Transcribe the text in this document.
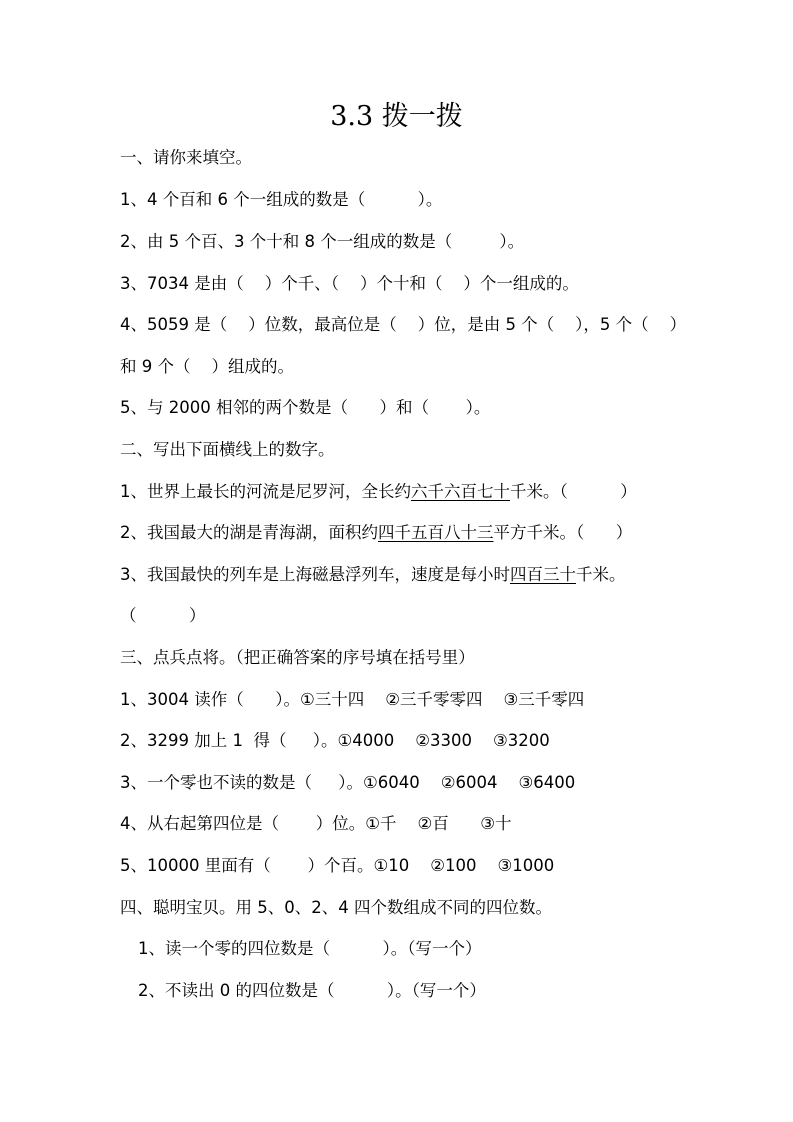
3.3 拨一拨
一、请你来填空。
1、4 个百和 6 个一组成的数是（          ）。
2、由 5 个百、3 个十和 8 个一组成的数是（         ）。
3、7034 是由（    ）个千、（    ）个十和（    ）个一组成的。
4、5059 是（    ）位数，最高位是（    ）位，是由 5 个（    ），5 个（    ）
和 9 个（    ）组成的。
5、与 2000 相邻的两个数是（      ）和（       ）。
二、写出下面横线上的数字。
1、世界上最长的河流是尼罗河，全长约六千六百七十千米。（          ）
2、我国最大的湖是青海湖，面积约四千五百八十三平方千米。（      ）
3、我国最快的列车是上海磁悬浮列车，速度是每小时四百三十千米。
（          ）
三、点兵点将。（把正确答案的序号填在括号里）
1、3004 读作（      ）。①三十四    ②三千零零四    ③三千零四
2、3299 加上 1  得（     ）。①4000    ②3300    ③3200
3、一个零也不读的数是（     ）。①6040    ②6004    ③6400
4、从右起第四位是（       ）位。①千    ②百      ③十
5、10000 里面有（       ）个百。①10    ②100    ③1000
四、聪明宝贝。用 5、0、2、4 四个数组成不同的四位数。
1、读一个零的四位数是（          ）。（写一个）
2、不读出 0 的四位数是（          ）。（写一个）
